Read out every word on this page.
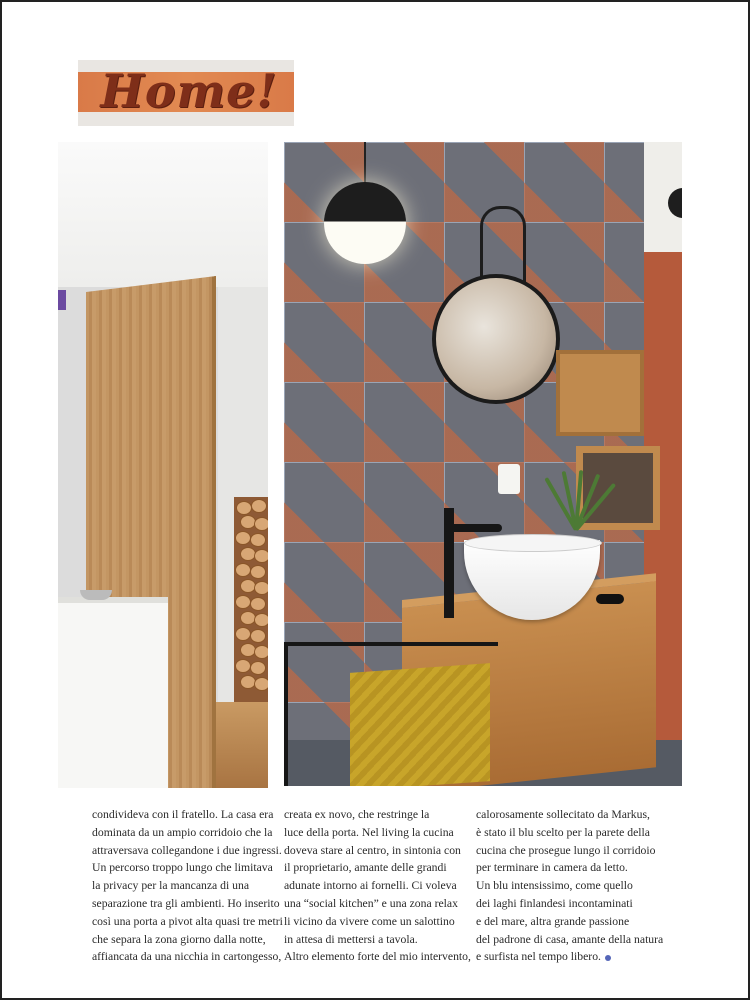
Home!
condivideva con il fratello. La casa era
dominata da un ampio corridoio che la
attraversava collegandone i due ingressi.
Un percorso troppo lungo che limitava
la privacy per la mancanza di una
separazione tra gli ambienti. Ho inserito
così una porta a pivot alta quasi tre metri
che separa la zona giorno dalla notte,
affiancata da una nicchia in cartongesso,
creata ex novo, che restringe la
luce della porta. Nel living la cucina
doveva stare al centro, in sintonia con
il proprietario, amante delle grandi
adunate intorno ai fornelli. Ci voleva
una “social kitchen” e una zona relax
li vicino da vivere come un salottino
in attesa di mettersi a tavola.
Altro elemento forte del mio intervento,
calorosamente sollecitato da Markus,
è stato il blu scelto per la parete della
cucina che prosegue lungo il corridoio
per terminare in camera da letto.
Un blu intensissimo, come quello
dei laghi finlandesi incontaminati
e del mare, altra grande passione
del padrone di casa, amante della natura
e surfista nel tempo libero.
